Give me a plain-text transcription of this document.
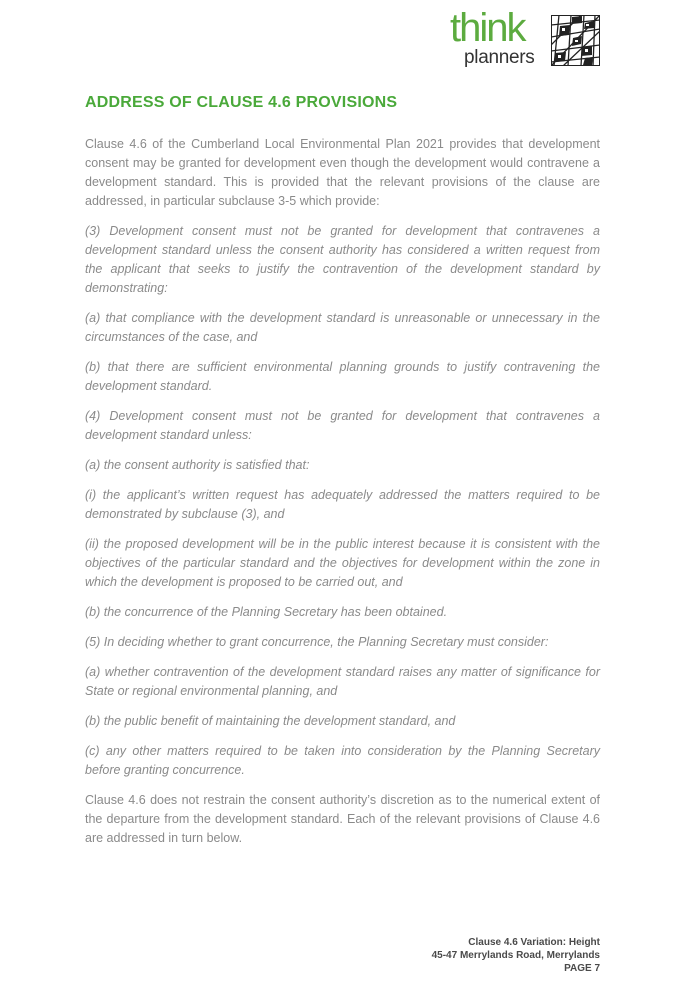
think
planners
ADDRESS OF CLAUSE 4.6 PROVISIONS

Clause 4.6 of the Cumberland Local Environmental Plan 2021 provides that development consent may be granted for development even though the development would contravene a development standard. This is provided that the relevant provisions of the clause are addressed, in particular subclause 3-5 which provide:

(3) Development consent must not be granted for development that contravenes a development standard unless the consent authority has considered a written request from the applicant that seeks to justify the contravention of the development standard by demonstrating:

(a) that compliance with the development standard is unreasonable or unnecessary in the circumstances of the case, and

(b) that there are sufficient environmental planning grounds to justify contravening the development standard.

(4) Development consent must not be granted for development that contravenes a development standard unless:

(a) the consent authority is satisfied that:

(i) the applicant’s written request has adequately addressed the matters required to be demonstrated by subclause (3), and

(ii) the proposed development will be in the public interest because it is consistent with the objectives of the particular standard and the objectives for development within the zone in which the development is proposed to be carried out, and

(b) the concurrence of the Planning Secretary has been obtained.

(5) In deciding whether to grant concurrence, the Planning Secretary must consider:

(a) whether contravention of the development standard raises any matter of significance for State or regional environmental planning, and

(b) the public benefit of maintaining the development standard, and

(c) any other matters required to be taken into consideration by the Planning Secretary before granting concurrence.

Clause 4.6 does not restrain the consent authority’s discretion as to the numerical extent of the departure from the development standard. Each of the relevant provisions of Clause 4.6 are addressed in turn below.

Clause 4.6 Variation: Height
45-47 Merrylands Road, Merrylands
PAGE 7
